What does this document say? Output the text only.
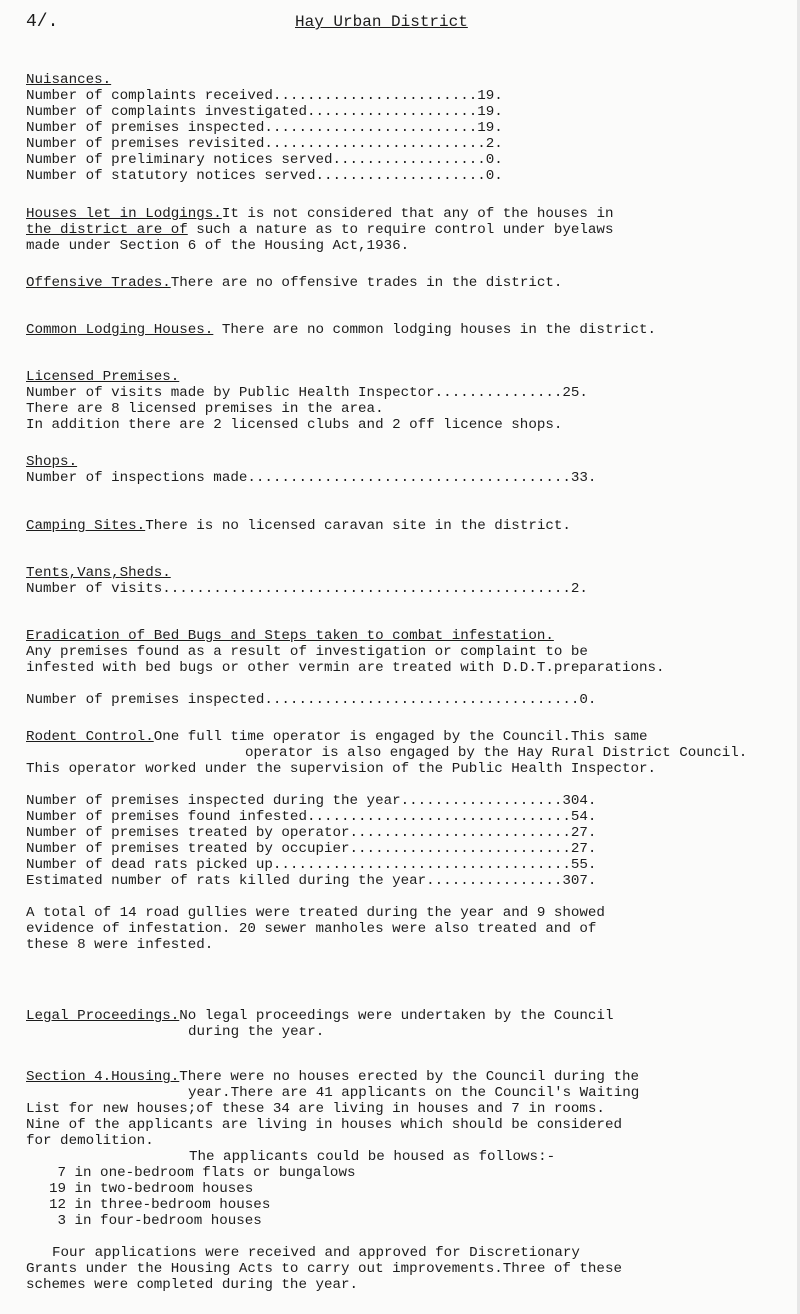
4/.	Hay Urban District
Nuisances.
Number of complaints received........................19.
Number of complaints investigated....................19.
Number of premises inspected.........................19.
Number of premises revisited..........................2.
Number of preliminary notices served..................0.
Number of statutory notices served....................0.
Houses let in Lodgings.It is not considered that any of the houses in
the district are of such a nature as to require control under byelaws
made under Section 6 of the Housing Act,1936.
Offensive Trades.There are no offensive trades in the district.
Common Lodging Houses. There are no common lodging houses in the district.
Licensed Premises.
Number of visits made by Public Health Inspector...............25.
There are 8 licensed premises in the area.
In addition there are 2 licensed clubs and 2 off licence shops.
Shops.
Number of inspections made......................................33.
Camping Sites.There is no licensed caravan site in the district.
Tents,Vans,Sheds.
Number of visits................................................2.
Eradication of Bed Bugs and Steps taken to combat infestation.
Any premises found as a result of investigation or complaint to be
infested with bed bugs or other vermin are treated with D.D.T.preparations.
Number of premises inspected.....................................0.
Rodent Control.One full time operator is engaged by the Council.This same
operator is also engaged by the Hay Rural District Council.
This operator worked under the supervision of the Public Health Inspector.
Number of premises inspected during the year...................304.
Number of premises found infested...............................54.
Number of premises treated by operator..........................27.
Number of premises treated by occupier..........................27.
Number of dead rats picked up...................................55.
Estimated number of rats killed during the year................307.
A total of 14 road gullies were treated during the year and 9 showed
evidence of infestation. 20 sewer manholes were also treated and of
these 8 were infested.
Legal Proceedings.No legal proceedings were undertaken by the Council
during the year.
Section 4.Housing.There were no houses erected by the Council during the
year.There are 41 applicants on the Council's Waiting
List for new houses;of these 34 are living in houses and 7 in rooms.
Nine of the applicants are living in houses which should be considered
for demolition.
The applicants could be housed as follows:-
7 in one-bedroom flats or bungalows
19 in two-bedroom houses
12 in three-bedroom houses
3 in four-bedroom houses
Four applications were received and approved for Discretionary
Grants under the Housing Acts to carry out improvements.Three of these
schemes were completed during the year.
